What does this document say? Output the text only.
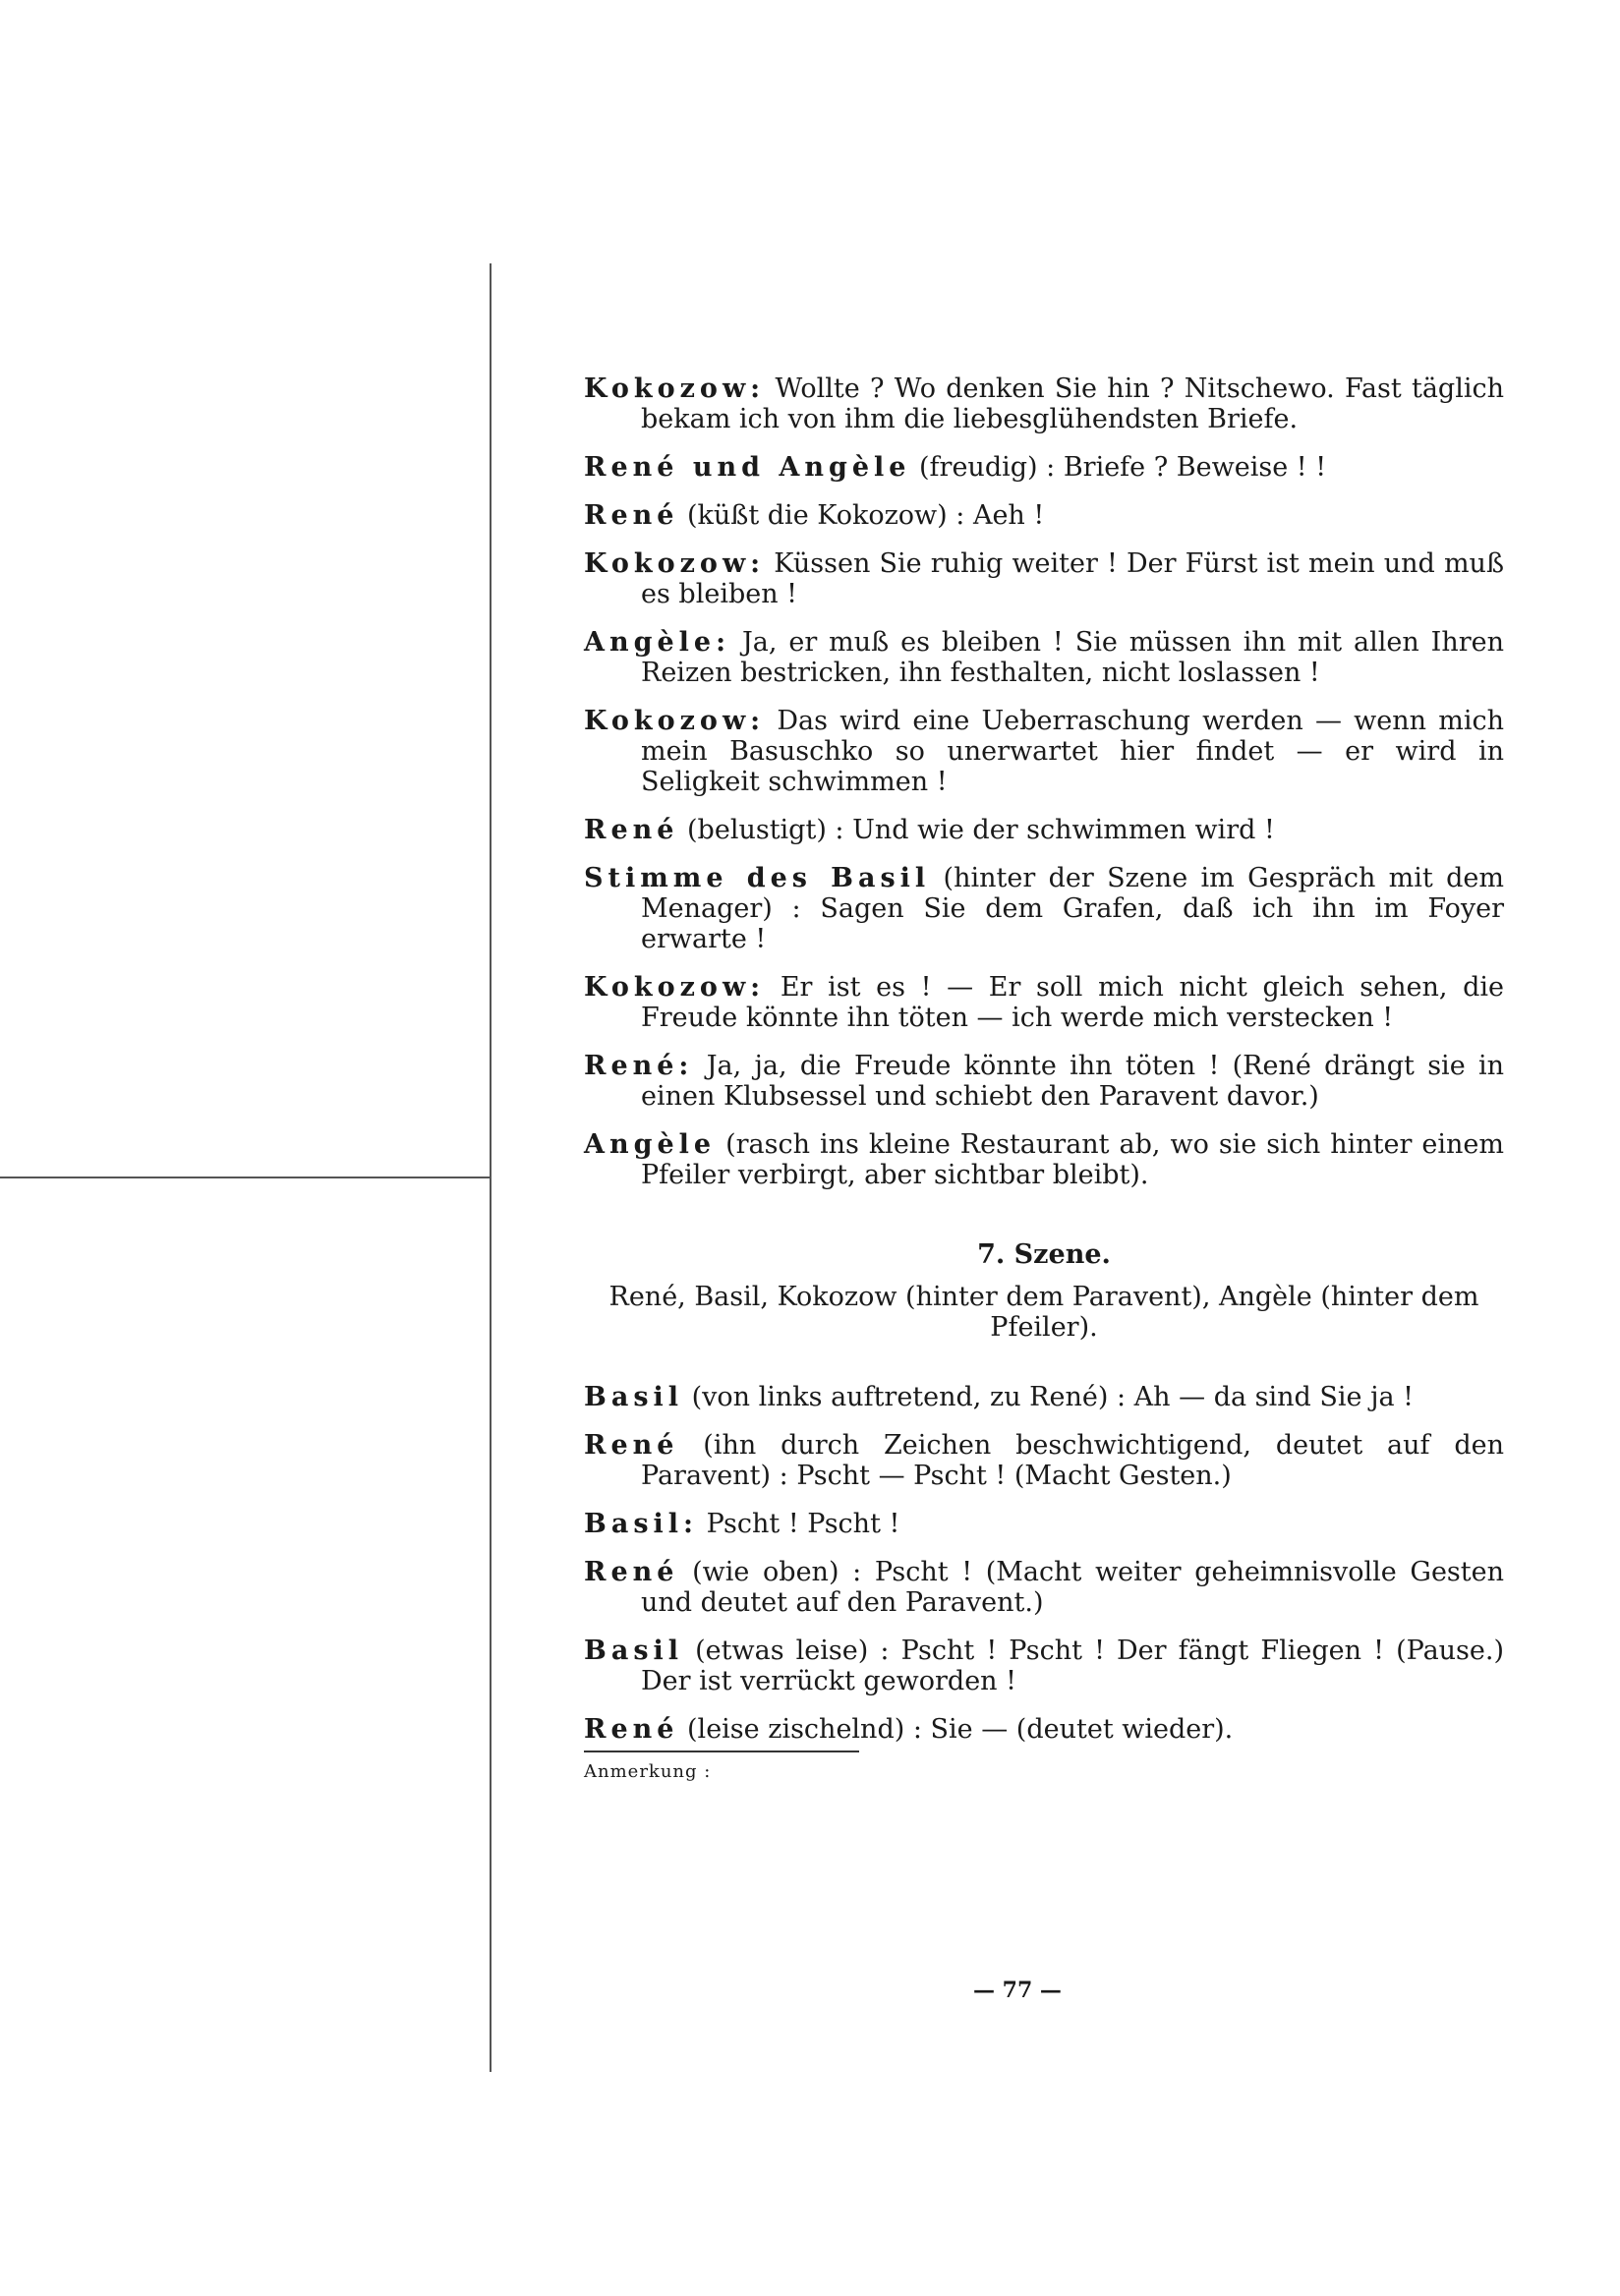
Kokozow: Wollte ? Wo denken Sie hin ? Nitschewo. Fast täglich bekam ich von ihm die liebesglühendsten Briefe.

René und Angèle (freudig) : Briefe ? Beweise ! !

René (küßt die Kokozow) : Aeh !

Kokozow: Küssen Sie ruhig weiter ! Der Fürst ist mein und muß es bleiben !

Angèle: Ja, er muß es bleiben ! Sie müssen ihn mit allen Ihren Reizen bestricken, ihn festhalten, nicht loslassen !

Kokozow: Das wird eine Ueberraschung werden — wenn mich mein Basuschko so unerwartet hier findet — er wird in Seligkeit schwimmen !

René (belustigt) : Und wie der schwimmen wird !

Stimme des Basil (hinter der Szene im Gespräch mit dem Menager) : Sagen Sie dem Grafen, daß ich ihn im Foyer erwarte !

Kokozow: Er ist es ! — Er soll mich nicht gleich sehen, die Freude könnte ihn töten — ich werde mich verstecken !

René: Ja, ja, die Freude könnte ihn töten ! (René drängt sie in einen Klubsessel und schiebt den Paravent davor.)

Angèle (rasch ins kleine Restaurant ab, wo sie sich hinter einem Pfeiler verbirgt, aber sichtbar bleibt).

7. Szene.
René, Basil, Kokozow (hinter dem Paravent), Angèle (hinter dem Pfeiler).

Basil (von links auftretend, zu René) : Ah — da sind Sie ja !

René (ihn durch Zeichen beschwichtigend, deutet auf den Paravent) : Pscht — Pscht ! (Macht Gesten.)

Basil: Pscht ! Pscht !

René (wie oben) : Pscht ! (Macht weiter geheimnisvolle Gesten und deutet auf den Paravent.)

Basil (etwas leise) : Pscht ! Pscht ! Der fängt Fliegen ! (Pause.) Der ist verrückt geworden !

René (leise zischelnd) : Sie — (deutet wieder).

Anmerkung :
— 77 —
